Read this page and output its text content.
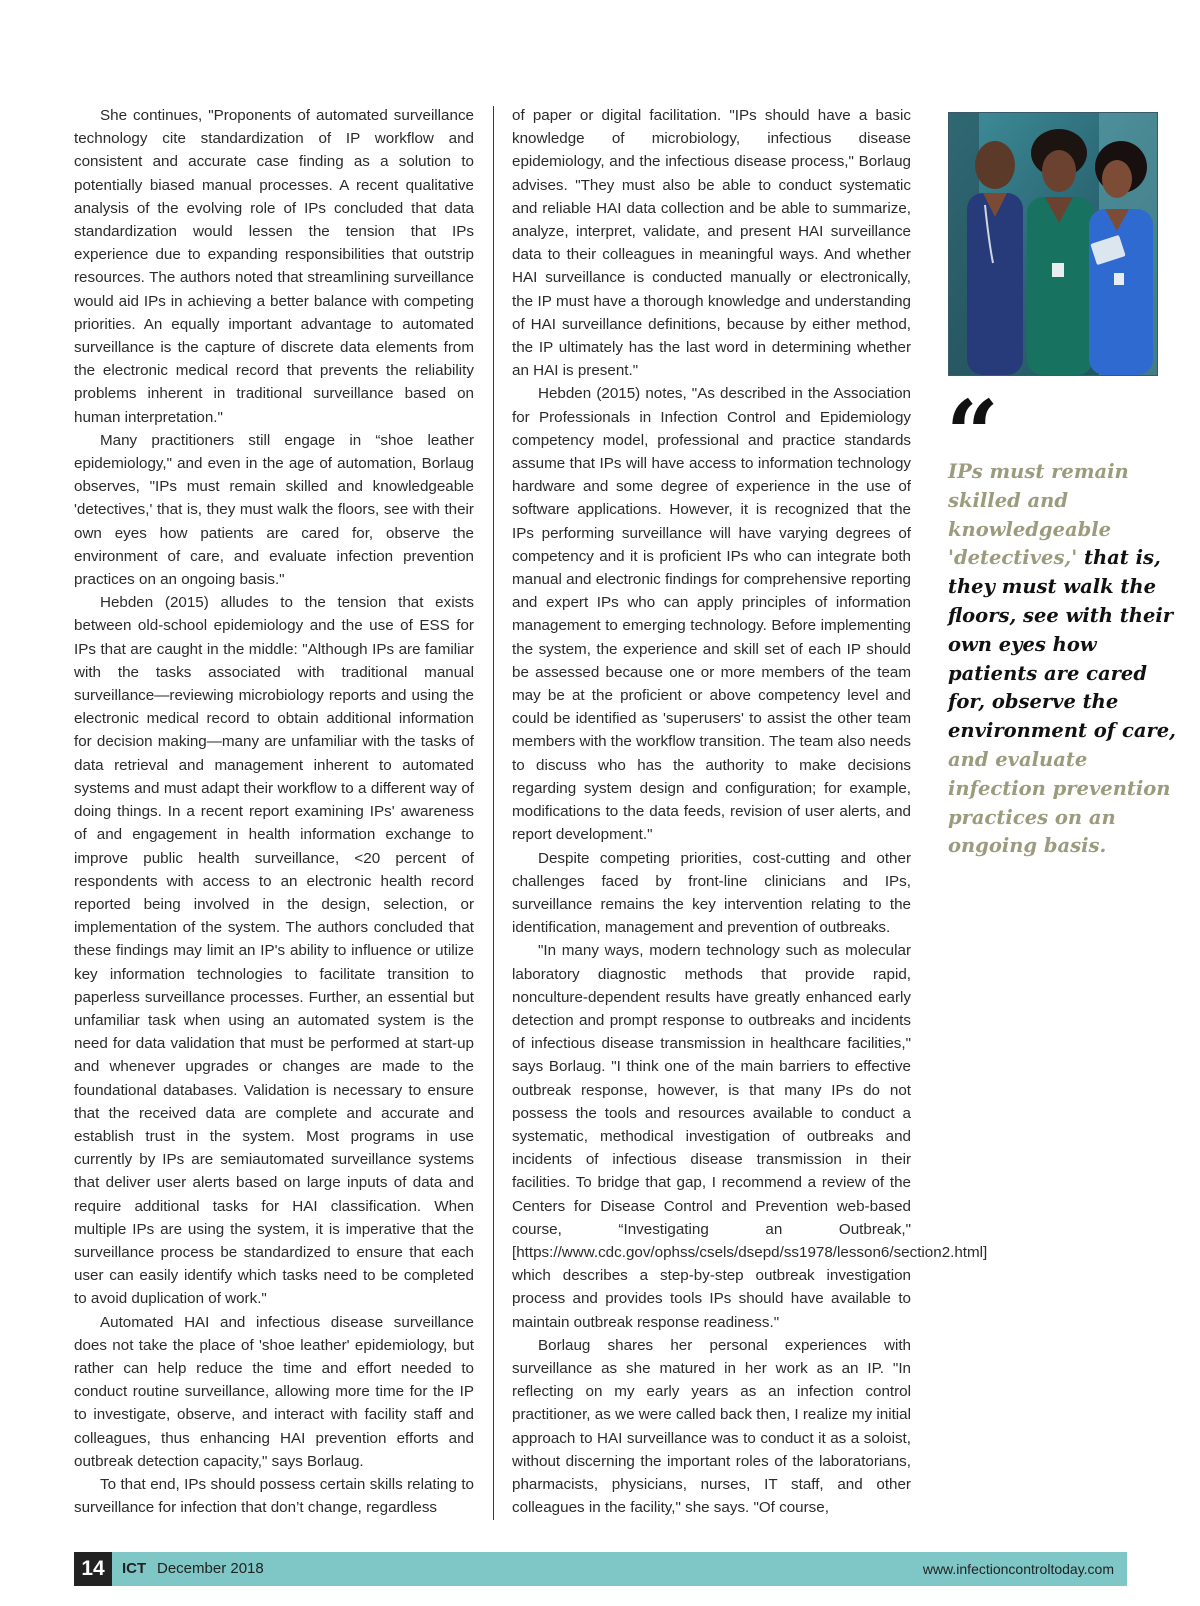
She continues, "Proponents of automated surveillance technology cite standardization of IP workflow and consistent and accurate case finding as a solution to potentially biased manual processes. A recent qualitative analysis of the evolving role of IPs concluded that data standardization would lessen the tension that IPs experience due to expanding responsibilities that outstrip resources. The authors noted that streamlining surveillance would aid IPs in achieving a better balance with competing priorities. An equally important advantage to automated surveillance is the capture of discrete data elements from the electronic medical record that prevents the reliability problems inherent in traditional surveillance based on human interpretation."

Many practitioners still engage in “shoe leather epidemiology," and even in the age of automation, Borlaug observes, "IPs must remain skilled and knowledgeable 'detectives,' that is, they must walk the floors, see with their own eyes how patients are cared for, observe the environment of care, and evaluate infection prevention practices on an ongoing basis."

Hebden (2015) alludes to the tension that exists between old-school epidemiology and the use of ESS for IPs that are caught in the middle: "Although IPs are familiar with the tasks associated with traditional manual surveillance—reviewing microbiology reports and using the electronic medical record to obtain additional information for decision making—many are unfamiliar with the tasks of data retrieval and management inherent to automated systems and must adapt their workflow to a different way of doing things. In a recent report examining IPs' awareness of and engagement in health information exchange to improve public health surveillance, <20 percent of respondents with access to an electronic health record reported being involved in the design, selection, or implementation of the system. The authors concluded that these findings may limit an IP's ability to influence or utilize key information technologies to facilitate transition to paperless surveillance processes. Further, an essential but unfamiliar task when using an automated system is the need for data validation that must be performed at start-up and whenever upgrades or changes are made to the foundational databases. Validation is necessary to ensure that the received data are complete and accurate and establish trust in the system. Most programs in use currently by IPs are semiautomated surveillance systems that deliver user alerts based on large inputs of data and require additional tasks for HAI classification. When multiple IPs are using the system, it is imperative that the surveillance process be standardized to ensure that each user can easily identify which tasks need to be completed to avoid duplication of work."

Automated HAI and infectious disease surveillance does not take the place of 'shoe leather' epidemiology, but rather can help reduce the time and effort needed to conduct routine surveillance, allowing more time for the IP to investigate, observe, and interact with facility staff and colleagues, thus enhancing HAI prevention efforts and outbreak detection capacity," says Borlaug.

To that end, IPs should possess certain skills relating to surveillance for infection that don’t change, regardless

of paper or digital facilitation. "IPs should have a basic knowledge of microbiology, infectious disease epidemiology, and the infectious disease process," Borlaug advises. "They must also be able to conduct systematic and reliable HAI data collection and be able to summarize, analyze, interpret, validate, and present HAI surveillance data to their colleagues in meaningful ways. And whether HAI surveillance is conducted manually or electronically, the IP must have a thorough knowledge and understanding of HAI surveillance definitions, because by either method, the IP ultimately has the last word in determining whether an HAI is present."

Hebden (2015) notes, "As described in the Association for Professionals in Infection Control and Epidemiology competency model, professional and practice standards assume that IPs will have access to information technology hardware and some degree of experience in the use of software applications. However, it is recognized that the IPs performing surveillance will have varying degrees of competency and it is proficient IPs who can integrate both manual and electronic findings for comprehensive reporting and expert IPs who can apply principles of information management to emerging technology. Before implementing the system, the experience and skill set of each IP should be assessed because one or more members of the team may be at the proficient or above competency level and could be identified as 'superusers' to assist the other team members with the workflow transition. The team also needs to discuss who has the authority to make decisions regarding system design and configuration; for example, modifications to the data feeds, revision of user alerts, and report development."

Despite competing priorities, cost-cutting and other challenges faced by front-line clinicians and IPs, surveillance remains the key intervention relating to the identification, management and prevention of outbreaks.

"In many ways, modern technology such as molecular laboratory diagnostic methods that provide rapid, nonculture-dependent results have greatly enhanced early detection and prompt response to outbreaks and incidents of infectious disease transmission in healthcare facilities," says Borlaug. "I think one of the main barriers to effective outbreak response, however, is that many IPs do not possess the tools and resources available to conduct a systematic, methodical investigation of outbreaks and incidents of infectious disease transmission in their facilities. To bridge that gap, I recommend a review of the Centers for Disease Control and Prevention web-based course, “Investigating an Outbreak," [https://www.cdc.gov/ophss/csels/dsepd/ss1978/lesson6/section2.html] which describes a step-by-step outbreak investigation process and provides tools IPs should have available to maintain outbreak response readiness."

Borlaug shares her personal experiences with surveillance as she matured in her work as an IP. "In reflecting on my early years as an infection control practitioner, as we were called back then, I realize my initial approach to HAI surveillance was to conduct it as a soloist, without discerning the important roles of the laboratorians, pharmacists, physicians, nurses, IT staff, and other colleagues in the facility," she says. "Of course,

“
IPs must remain skilled and knowledgeable 'detectives,' that is, they must walk the floors, see with their own eyes how patients are cared for, observe the environment of care, and evaluate infection prevention practices on an ongoing basis.
14	ICT December 2018	www.infectioncontroltoday.com
